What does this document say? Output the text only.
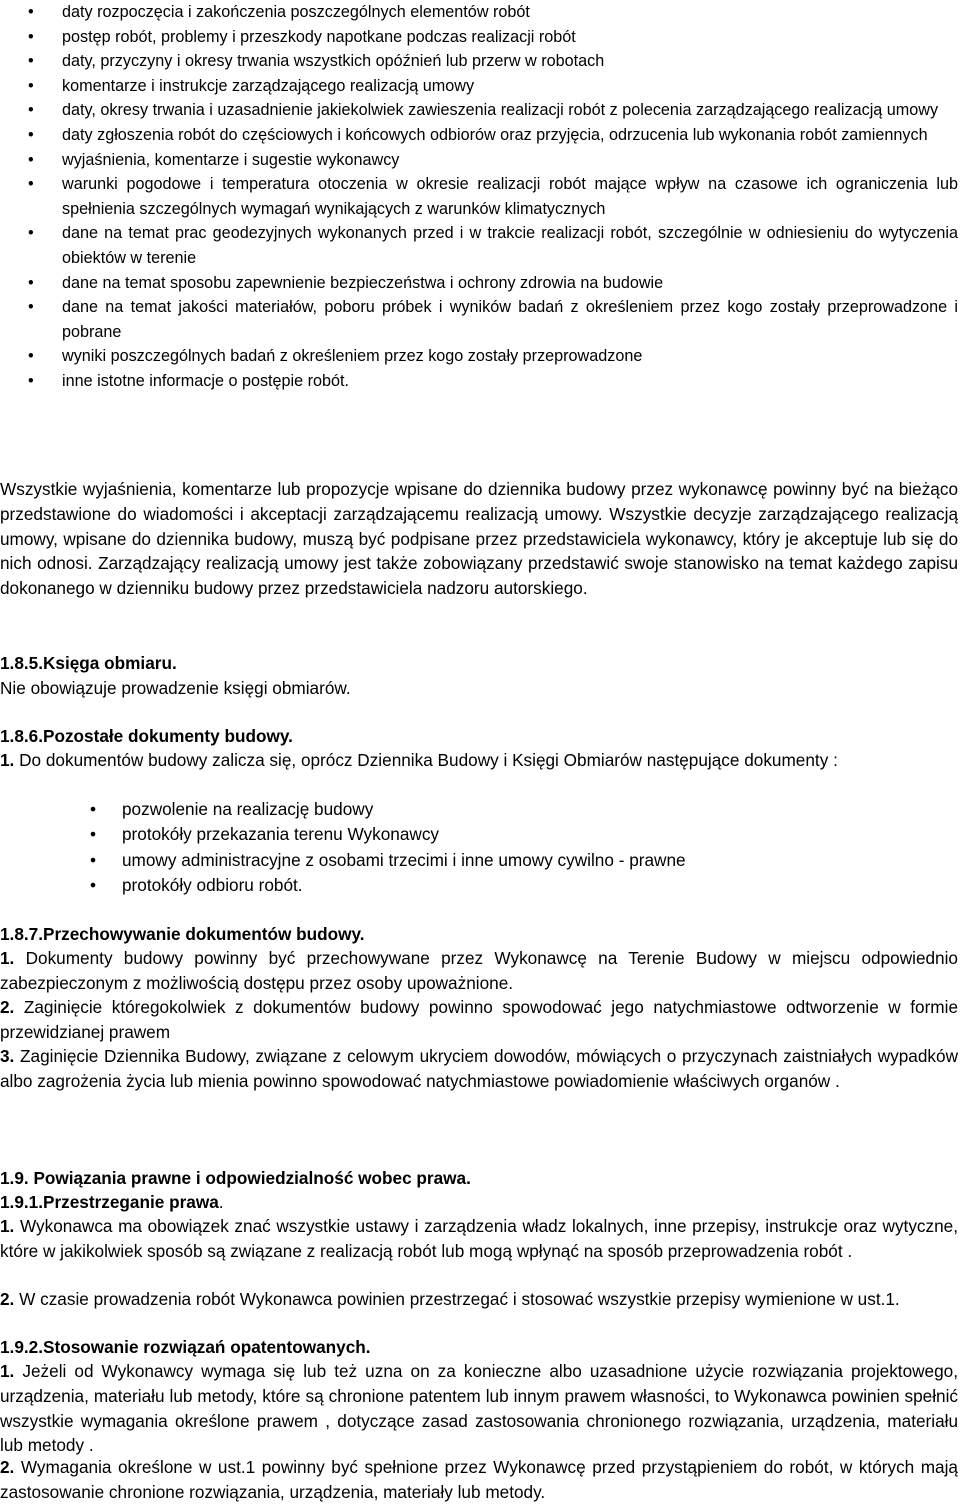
• daty rozpoczęcia i zakończenia poszczególnych elementów robót
• postęp robót, problemy i przeszkody napotkane podczas realizacji robót
• daty, przyczyny i okresy trwania wszystkich opóźnień lub przerw w robotach
• komentarze i instrukcje zarządzającego realizacją umowy
• daty, okresy trwania i uzasadnienie jakiekolwiek zawieszenia realizacji robót z polecenia zarządzającego realizacją umowy
• daty zgłoszenia robót do częściowych i końcowych odbiorów oraz przyjęcia, odrzucenia lub wykonania robót zamiennych
• wyjaśnienia, komentarze i sugestie wykonawcy
• warunki pogodowe i temperatura otoczenia w okresie realizacji robót mające wpływ na czasowe ich ograniczenia lub spełnienia szczególnych wymagań wynikających z warunków klimatycznych
• dane na temat prac geodezyjnych wykonanych przed i w trakcie realizacji robót, szczególnie w odniesieniu do wytyczenia obiektów w terenie
• dane na temat sposobu zapewnienie bezpieczeństwa i ochrony zdrowia na budowie
• dane na temat jakości materiałów, poboru próbek i wyników badań z określeniem przez kogo zostały przeprowadzone i pobrane
• wyniki poszczególnych badań z określeniem przez kogo zostały przeprowadzone
• inne istotne informacje o postępie robót.

Wszystkie wyjaśnienia, komentarze lub propozycje wpisane do dziennika budowy przez wykonawcę powinny być na bieżąco przedstawione do wiadomości i akceptacji zarządzającemu realizacją umowy. Wszystkie decyzje zarządzającego realizacją umowy, wpisane do dziennika budowy, muszą być podpisane przez przedstawiciela wykonawcy, który je akceptuje lub się do nich odnosi. Zarządzający realizacją umowy jest także zobowiązany przedstawić swoje stanowisko na temat każdego zapisu dokonanego w dzienniku budowy przez przedstawiciela nadzoru autorskiego.

1.8.5.Księga obmiaru.

Nie obowiązuje prowadzenie księgi obmiarów.

1.8.6.Pozostałe dokumenty budowy.

1. Do dokumentów budowy zalicza się, oprócz Dziennika Budowy i Księgi Obmiarów następujące dokumenty :

• pozwolenie na realizację budowy
• protokóły przekazania terenu Wykonawcy
• umowy administracyjne z osobami trzecimi i inne umowy cywilno - prawne
• protokóły odbioru robót.

1.8.7.Przechowywanie dokumentów budowy.

1. Dokumenty budowy powinny być przechowywane przez Wykonawcę na Terenie Budowy w miejscu odpowiednio zabezpieczonym z możliwością dostępu przez osoby upoważnione.

2. Zaginięcie któregokolwiek z dokumentów budowy powinno spowodować jego natychmiastowe odtworzenie w formie przewidzianej prawem

3. Zaginięcie Dziennika Budowy, związane z celowym ukryciem dowodów, mówiących o przyczynach zaistniałych wypadków albo zagrożenia życia lub mienia powinno spowodować natychmiastowe powiadomienie właściwych organów .

1.9. Powiązania prawne i odpowiedzialność wobec prawa.

1.9.1.Przestrzeganie prawa.

1. Wykonawca ma obowiązek znać wszystkie ustawy i zarządzenia władz lokalnych, inne przepisy, instrukcje oraz wytyczne, które w jakikolwiek sposób są związane z realizacją robót lub mogą wpłynąć na sposób przeprowadzenia robót .

2. W czasie prowadzenia robót Wykonawca powinien przestrzegać i stosować wszystkie przepisy wymienione w ust.1.

1.9.2.Stosowanie rozwiązań opatentowanych.

1. Jeżeli od Wykonawcy wymaga się lub też uzna on za konieczne albo uzasadnione użycie rozwiązania projektowego, urządzenia, materiału lub metody, które są chronione patentem lub innym prawem własności, to Wykonawca powinien spełnić wszystkie wymagania określone prawem , dotyczące zasad zastosowania chronionego rozwiązania, urządzenia, materiału lub metody .

2. Wymagania określone w ust.1 powinny być spełnione przez Wykonawcę przed przystąpieniem do robót, w których mają zastosowanie chronione rozwiązania, urządzenia, materiały lub metody.
